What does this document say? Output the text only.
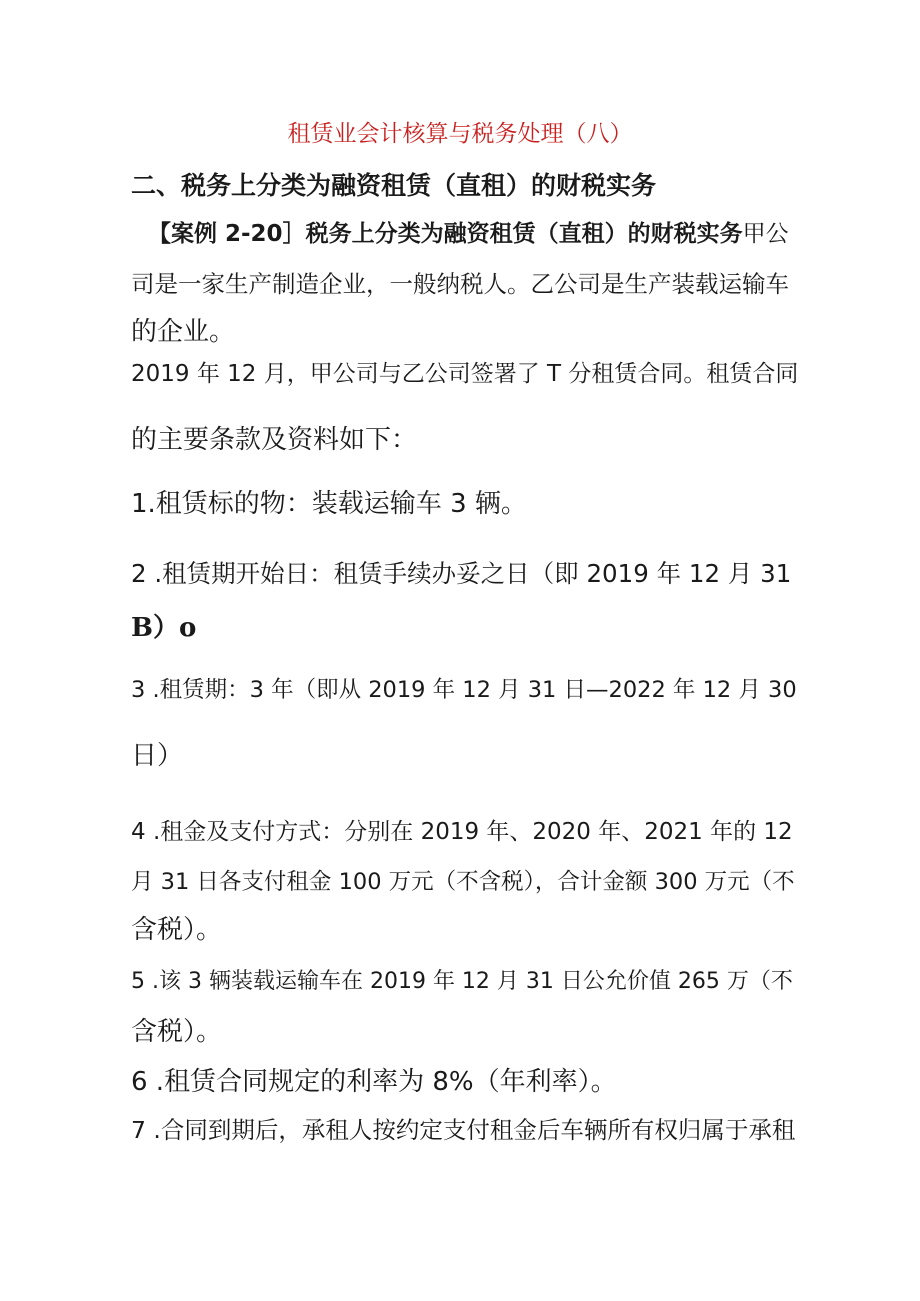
租赁业会计核算与税务处理（八）
二、税务上分类为融资租赁（直租）的财税实务
【案例 2-20］税务上分类为融资租赁（直租）的财税实务甲公
司是一家生产制造企业，一般纳税人。乙公司是生产装载运输车
的企业。
2019 年 12 月，甲公司与乙公司签署了 T 分租赁合同。租赁合同
的主要条款及资料如下：
1.租赁标的物：装载运输车 3 辆。
2 .租赁期开始日：租赁手续办妥之日（即 2019 年 12 月 31
B）o
3 .租赁期：3 年（即从 2019 年 12 月 31 日—2022 年 12 月 30
日）
4 .租金及支付方式：分别在 2019 年、2020 年、2021 年的 12
月 31 日各支付租金 100 万元（不含税），合计金额 300 万元（不
含税）。
5 .该 3 辆装载运输车在 2019 年 12 月 31 日公允价值 265 万（不
含税）。
6 .租赁合同规定的利率为 8%（年利率）。
7 .合同到期后，承租人按约定支付租金后车辆所有权归属于承租
